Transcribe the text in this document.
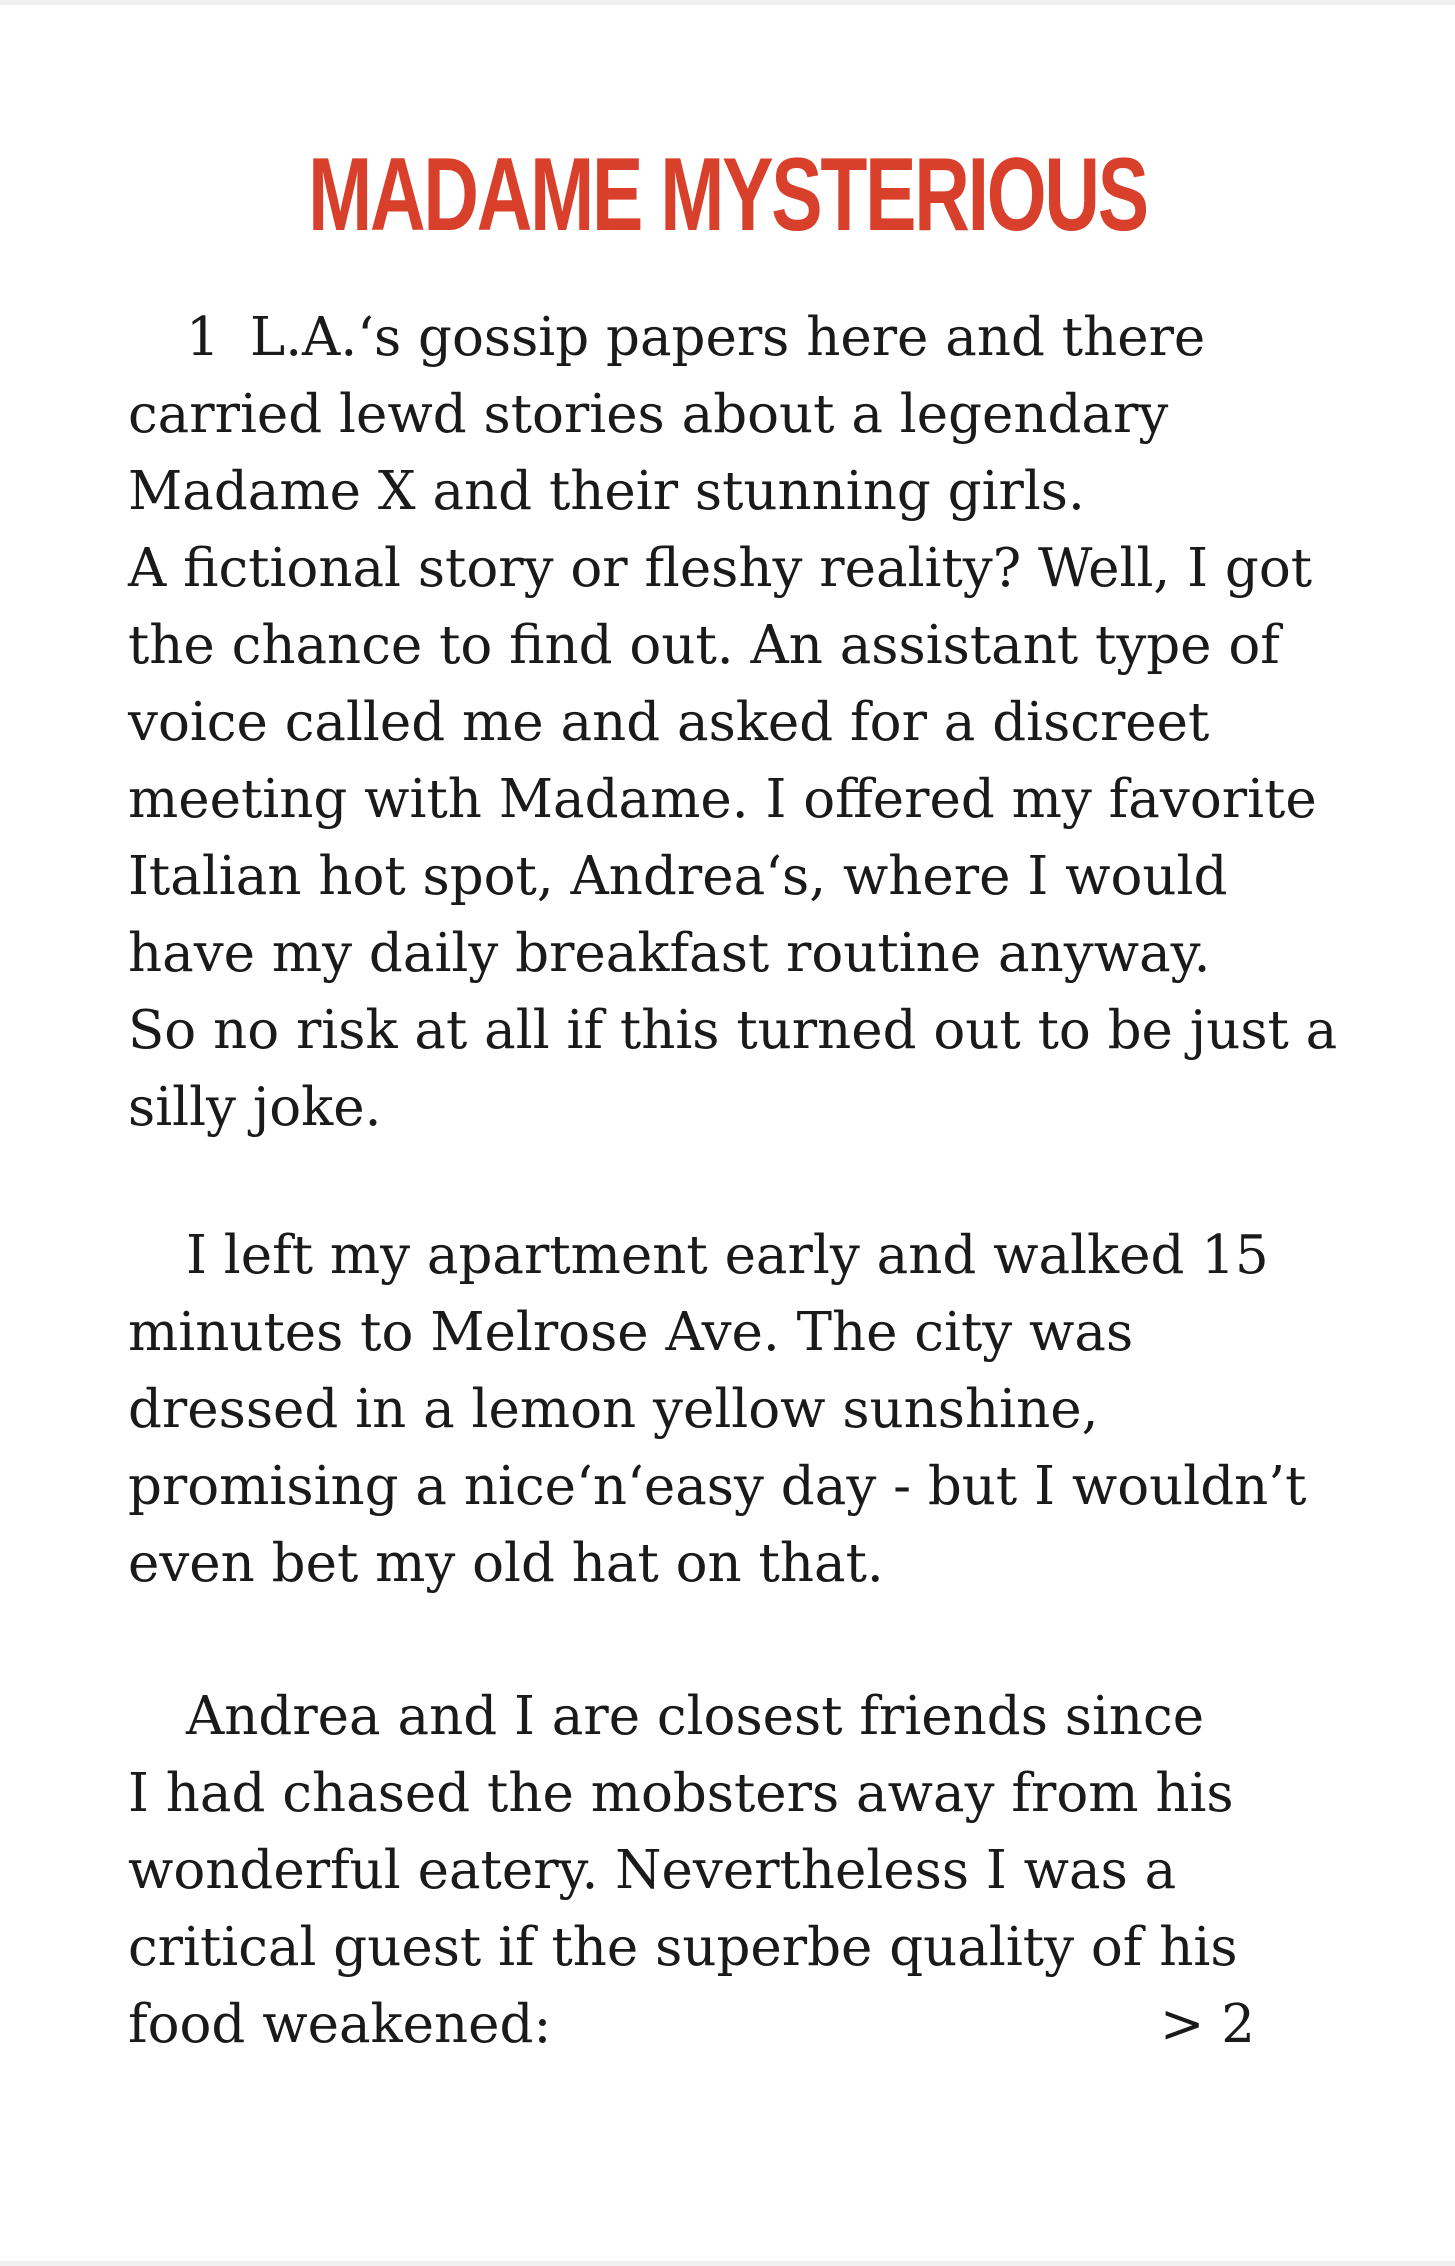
MADAME MYSTERIOUS
1 L.A.‘s gossip papers here and there
carried lewd stories about a legendary
Madame X and their stunning girls.
A fictional story or fleshy reality? Well, I got
the chance to find out. An assistant type of
voice called me and asked for a discreet
meeting with Madame. I offered my favorite
Italian hot spot, Andrea‘s, where I would
have my daily breakfast routine anyway.
So no risk at all if this turned out to be just a
silly joke.
I left my apartment early and walked 15
minutes to Melrose Ave. The city was
dressed in a lemon yellow sunshine,
promising a nice‘n‘easy day - but I wouldn’t
even bet my old hat on that.
Andrea and I are closest friends since
I had chased the mobsters away from his
wonderful eatery. Nevertheless I was a
critical guest if the superbe quality of his
food weakened:	> 2
